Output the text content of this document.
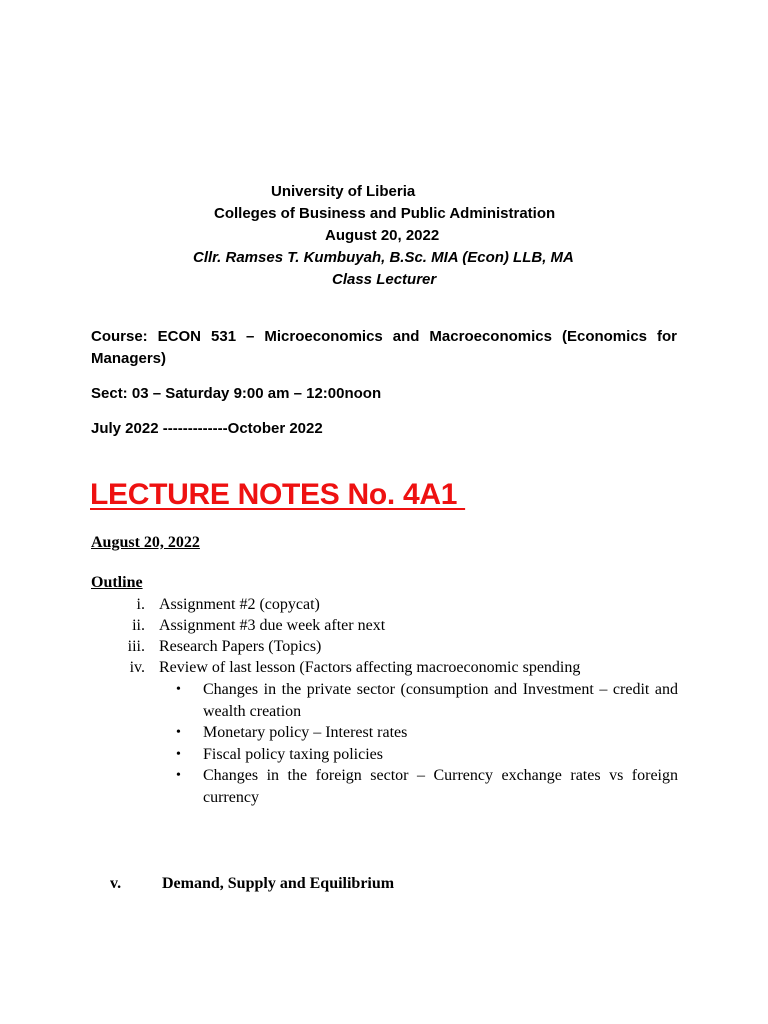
University of Liberia
Colleges of Business and Public Administration
August 20, 2022
Cllr. Ramses T. Kumbuyah, B.Sc. MIA (Econ) LLB, MA
Class Lecturer
Course: ECON 531 – Microeconomics and Macroeconomics (Economics for Managers)
Sect: 03 – Saturday 9:00 am – 12:00noon
July 2022 -------------October 2022
LECTURE NOTES No. 4A1
August 20, 2022
Outline
i. Assignment #2 (copycat)
ii. Assignment #3 due week after next
iii. Research Papers (Topics)
iv. Review of last lesson (Factors affecting macroeconomic spending
• Changes in the private sector (consumption and Investment – credit and wealth creation
• Monetary policy – Interest rates
• Fiscal policy taxing policies
• Changes in the foreign sector – Currency exchange rates vs foreign currency
v.	Demand, Supply and Equilibrium
